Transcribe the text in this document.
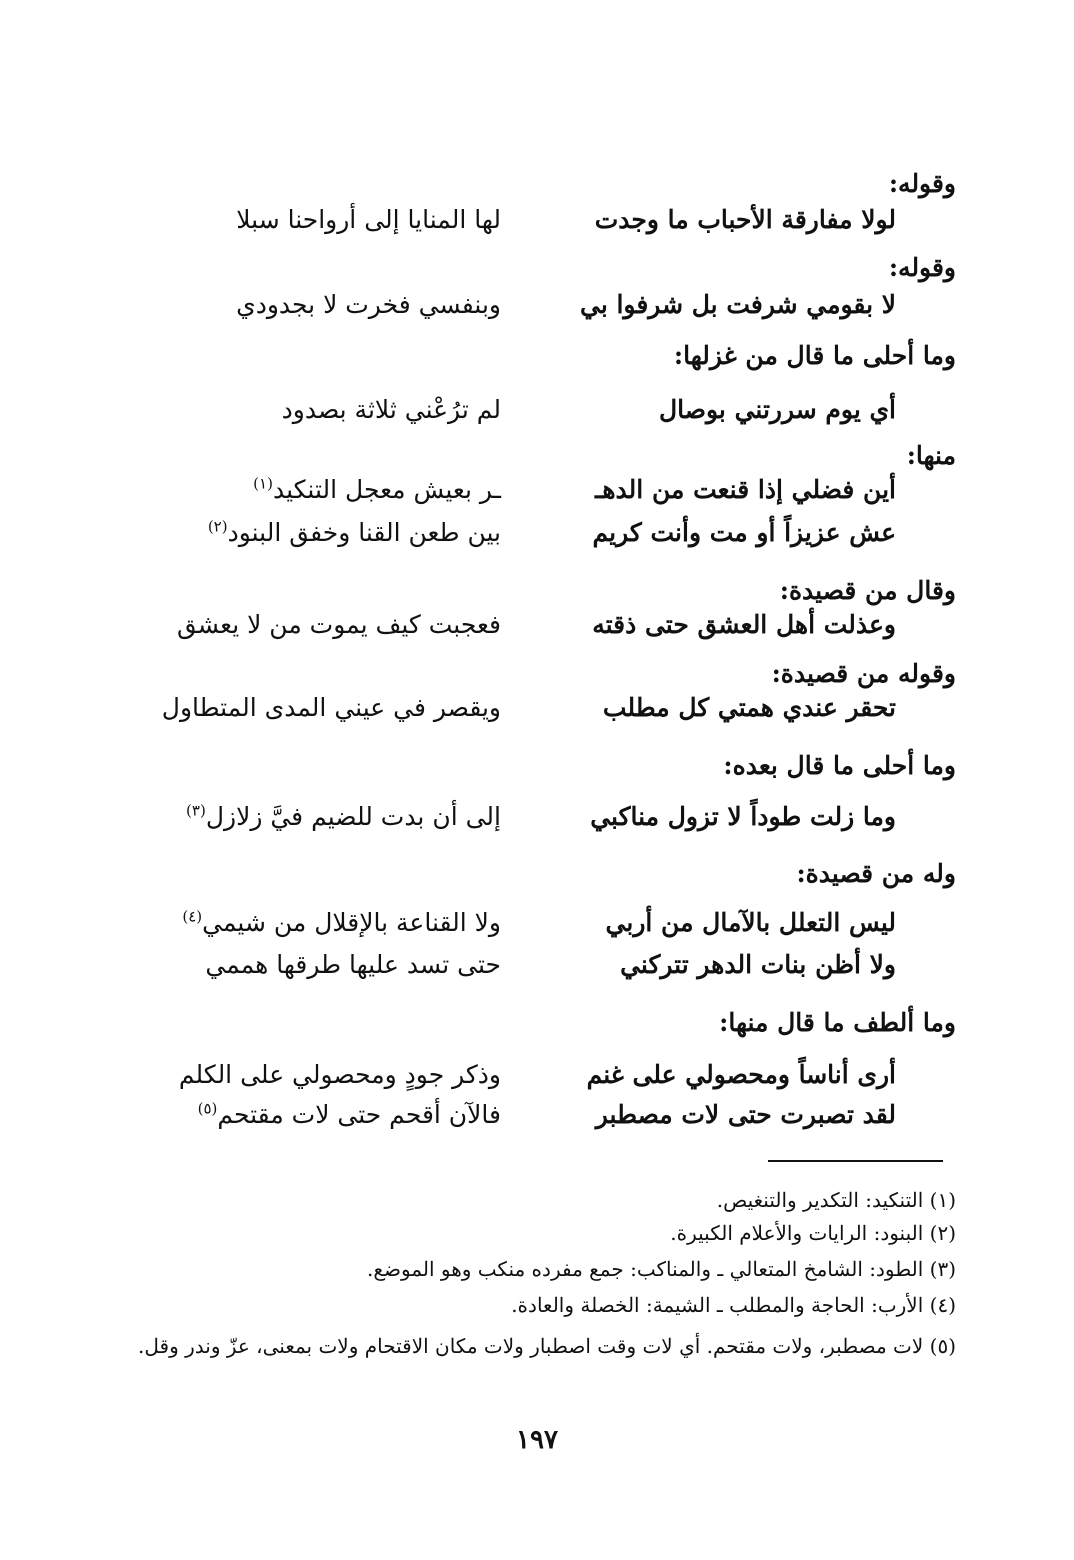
وقوله:
لولا مفارقة الأحباب ما وجدت
لها المنايا إلى أرواحنا سبلا
وقوله:
لا بقومي شرفت بل شرفوا بي
وبنفسي فخرت لا بجدودي
وما أحلى ما قال من غزلها:
أي يوم سررتني بوصال
لم ترُعْني ثلاثة بصدود
منها:
أين فضلي إذا قنعت من الدهـ
ـر بعيش معجل التنكيد$^{(١)}$
عش عزيزاً أو مت وأنت كريم
بين طعن القنا وخفق البنود$^{(٢)}$
وقال من قصيدة:
وعذلت أهل العشق حتى ذقته
فعجبت كيف يموت من لا يعشق
وقوله من قصيدة:
تحقر عندي همتي كل مطلب
ويقصر في عيني المدى المتطاول
وما أحلى ما قال بعده:
وما زلت طوداً لا تزول مناكبي
إلى أن بدت للضيم فيَّ زلازل$^{(٣)}$
وله من قصيدة:
ليس التعلل بالآمال من أربي
ولا القناعة بالإقلال من شيمي$^{(٤)}$
ولا أظن بنات الدهر تتركني
حتى تسد عليها طرقها هممي
وما ألطف ما قال منها:
أرى أناساً ومحصولي على غنم
وذكر جودٍ ومحصولي على الكلم
لقد تصبرت حتى لات مصطبر
فالآن أقحم حتى لات مقتحم$^{(٥)}$
(١) التنكيد: التكدير والتنغيص.
(٢) البنود: الرايات والأعلام الكبيرة.
(٣) الطود: الشامخ المتعالي ـ والمناكب: جمع مفرده منكب وهو الموضع.
(٤) الأرب: الحاجة والمطلب ـ الشيمة: الخصلة والعادة.
(٥) لات مصطبر، ولات مقتحم. أي لات وقت اصطبار ولات مكان الاقتحام ولات بمعنى، عزّ وندر وقل.
١٩٧
